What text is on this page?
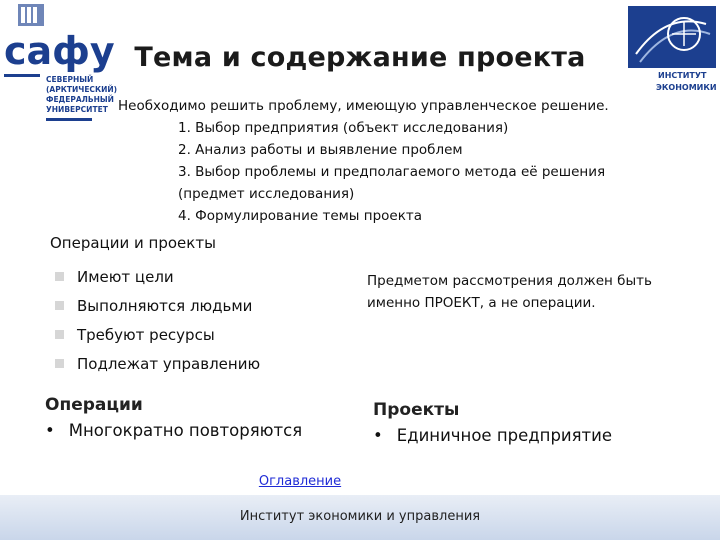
сафу
СЕВЕРНЫЙ (АРКТИЧЕСКИЙ) ФЕДЕРАЛЬНЫЙ УНИВЕРСИТЕТ
ИНСТИТУТ
ЭКОНОМИКИ
Тема и содержание проекта
Необходимо решить проблему, имеющую управленческое решение.
1. Выбор предприятия (объект исследования)
2. Анализ работы и выявление проблем
3. Выбор проблемы и предполагаемого метода её решения
(предмет исследования)
4. Формулирование темы проекта
Операции и проекты
Имеют цели
Выполняются людьми
Требуют ресурсы
Подлежат управлению
Предметом рассмотрения должен быть именно ПРОЕКТ, а не операции.
Операции
• Многократно повторяются
Проекты
• Единичное предприятие
Оглавление
Институт экономики и управления
